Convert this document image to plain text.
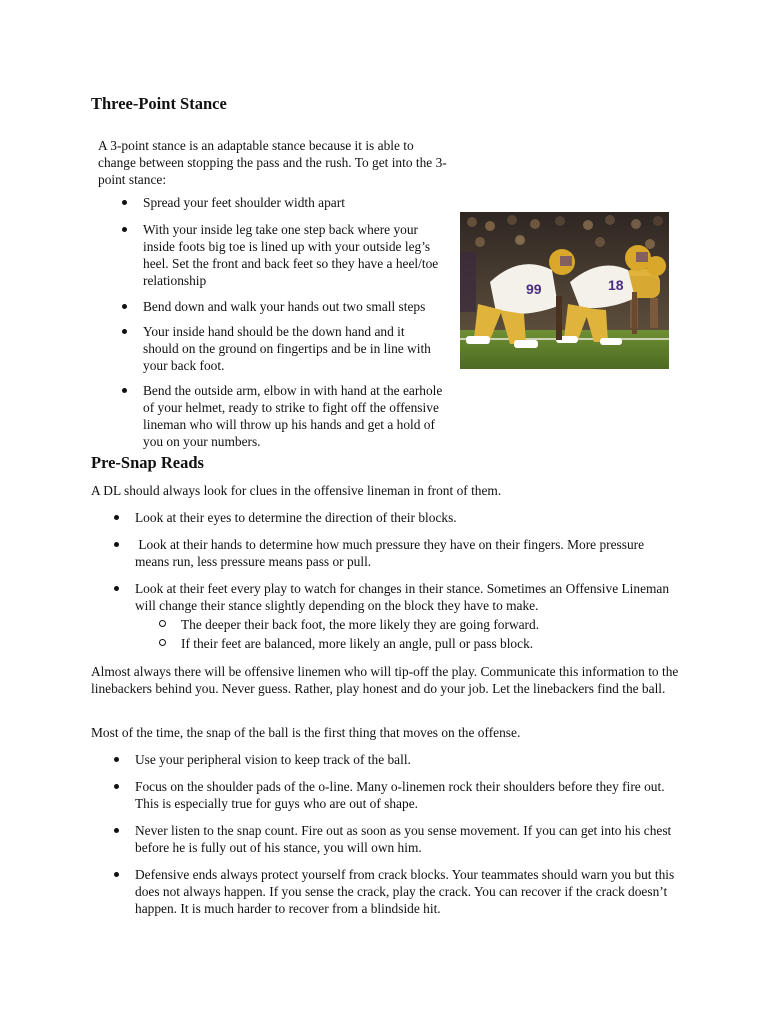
Three-Point Stance

A 3-point stance is an adaptable stance because it is able to change between stopping the pass and the rush. To get into the 3-point stance:

Spread your feet shoulder width apart
With your inside leg take one step back where your inside foots big toe is lined up with your outside leg’s heel. Set the front and back feet so they have a heel/toe relationship
Bend down and walk your hands out two small steps
Your inside hand should be the down hand and it should on the ground on fingertips and be in line with your back foot.
Bend the outside arm, elbow in with hand at the earhole of your helmet, ready to strike to fight off the offensive lineman who will throw up his hands and get a hold of you on your numbers.
18
99
Pre-Snap Reads

A DL should always look for clues in the offensive lineman in front of them.

Look at their eyes to determine the direction of their blocks.
Look at their hands to determine how much pressure they have on their fingers. More pressure means run, less pressure means pass or pull.
Look at their feet every play to watch for changes in their stance. Sometimes an Offensive Lineman will change their stance slightly depending on the block they have to make.
The deeper their back foot, the more likely they are going forward.
If their feet are balanced, more likely an angle, pull or pass block.

Almost always there will be offensive linemen who will tip-off the play. Communicate this information to the linebackers behind you. Never guess. Rather, play honest and do your job. Let the linebackers find the ball.

Most of the time, the snap of the ball is the first thing that moves on the offense.

Use your peripheral vision to keep track of the ball.
Focus on the shoulder pads of the o-line. Many o-linemen rock their shoulders before they fire out. This is especially true for guys who are out of shape.
Never listen to the snap count. Fire out as soon as you sense movement. If you can get into his chest before he is fully out of his stance, you will own him.
Defensive ends always protect yourself from crack blocks. Your teammates should warn you but this does not always happen. If you sense the crack, play the crack. You can recover if the crack doesn’t happen. It is much harder to recover from a blindside hit.
